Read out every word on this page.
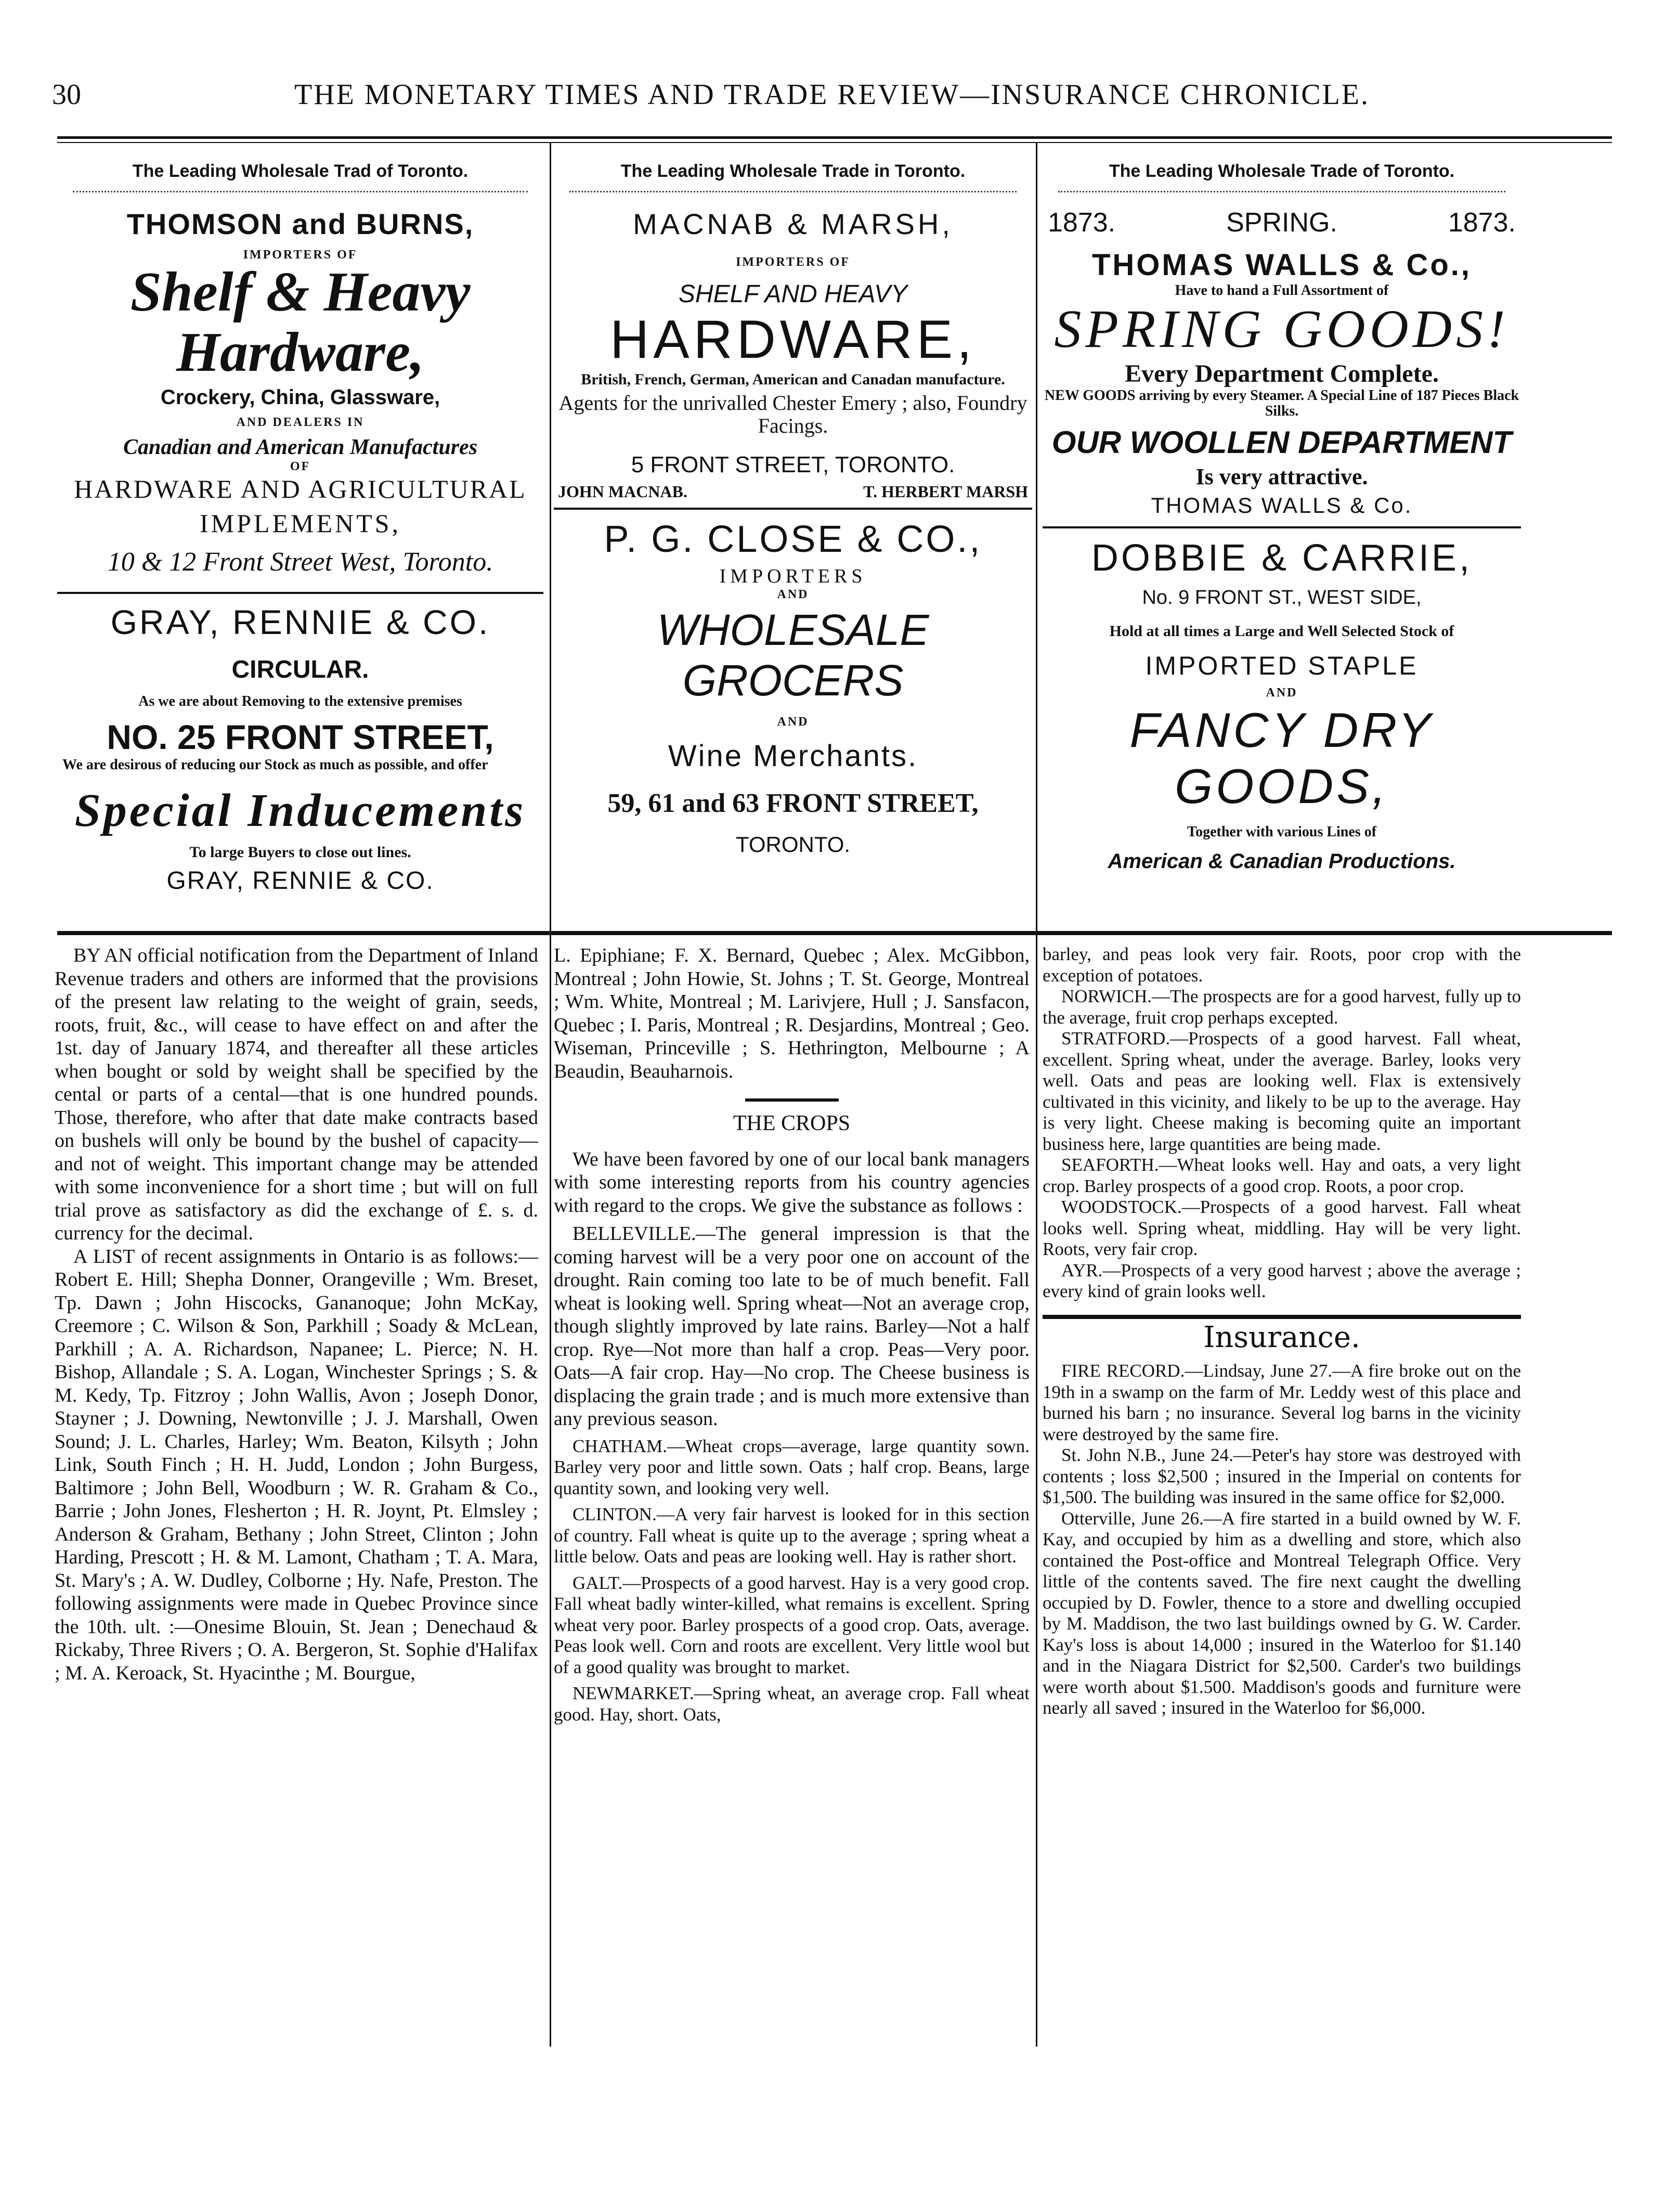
30	THE MONETARY TIMES AND TRADE REVIEW—INSURANCE CHRONICLE.
The Leading Wholesale Trad of Toronto.
THOMSON and BURNS,
IMPORTERS OF
Shelf & Heavy Hardware,
Crockery, China, Glassware,
AND DEALERS IN
Canadian and American Manufactures
OF
HARDWARE AND AGRICULTURAL
IMPLEMENTS,
10 & 12 Front Street West, Toronto.
GRAY, RENNIE & CO.
CIRCULAR.
As we are about Removing to the extensive premises
NO. 25 FRONT STREET,
We are desirous of reducing our Stock as much as possible, and offer
Special Inducements
To large Buyers to close out lines.
GRAY, RENNIE & CO.
The Leading Wholesale Trade in Toronto.
MACNAB & MARSH,
IMPORTERS OF
SHELF AND HEAVY
HARDWARE,
British, French, German, American and Canadan manufacture.
Agents for the unrivalled Chester Emery ; also, Foundry Facings.
5 FRONT STREET, TORONTO.
JOHN MACNAB.	T. HERBERT MARSH
P. G. CLOSE & CO.,
IMPORTERS
AND
WHOLESALE GROCERS
AND
Wine Merchants.
59, 61 and 63 FRONT STREET,
TORONTO.
The Leading Wholesale Trade of Toronto.
1873.	SPRING.	1873.
THOMAS WALLS & Co.,
Have to hand a Full Assortment of
SPRING GOODS!
Every Department Complete.
NEW GOODS arriving by every Steamer. A Special Line of 187 Pieces Black Silks.
OUR WOOLLEN DEPARTMENT
Is very attractive.
THOMAS WALLS & Co.
DOBBIE & CARRIE,
No. 9 FRONT ST., WEST SIDE,
Hold at all times a Large and Well Selected Stock of
IMPORTED STAPLE
AND
FANCY DRY GOODS,
Together with various Lines of
American & Canadian Productions.

BY AN official notification from the Department of Inland Revenue traders and others are informed that the provisions of the present law relating to the weight of grain, seeds, roots, fruit, &c., will cease to have effect on and after the 1st. day of January 1874, and thereafter all these articles when bought or sold by weight shall be specified by the cental or parts of a cental—that is one hundred pounds. Those, therefore, who after that date make contracts based on bushels will only be bound by the bushel of capacity—and not of weight. This important change may be attended with some inconvenience for a short time ; but will on full trial prove as satisfactory as did the exchange of £. s. d. currency for the decimal.

A LIST of recent assignments in Ontario is as follows:—Robert E. Hill; Shepha Donner, Orangeville ; Wm. Breset, Tp. Dawn ; John Hiscocks, Gananoque; John McKay, Creemore ; C. Wilson & Son, Parkhill ; Soady & McLean, Parkhill ; A. A. Richardson, Napanee; L. Pierce; N. H. Bishop, Allandale ; S. A. Logan, Winchester Springs ; S. & M. Kedy, Tp. Fitzroy ; John Wallis, Avon ; Joseph Donor, Stayner ; J. Downing, Newtonville ; J. J. Marshall, Owen Sound; J. L. Charles, Harley; Wm. Beaton, Kilsyth ; John Link, South Finch ; H. H. Judd, London ; John Burgess, Baltimore ; John Bell, Woodburn ; W. R. Graham & Co., Barrie ; John Jones, Flesherton ; H. R. Joynt, Pt. Elmsley ; Anderson & Graham, Bethany ; John Street, Clinton ; John Harding, Prescott ; H. & M. Lamont, Chatham ; T. A. Mara, St. Mary's ; A. W. Dudley, Colborne ; Hy. Nafe, Preston. The following assignments were made in Quebec Province since the 10th. ult. :—Onesime Blouin, St. Jean ; Denechaud & Rickaby, Three Rivers ; O. A. Bergeron, St. Sophie d'Halifax ; M. A. Keroack, St. Hyacinthe ; M. Bourgue,

L. Epiphiane; F. X. Bernard, Quebec ; Alex. McGibbon, Montreal ; John Howie, St. Johns ; T. St. George, Montreal ; Wm. White, Montreal ; M. Larivjere, Hull ; J. Sansfacon, Quebec ; I. Paris, Montreal ; R. Desjardins, Montreal ; Geo. Wiseman, Princeville ; S. Hethrington, Melbourne ; A Beaudin, Beauharnois.

THE CROPS

We have been favored by one of our local bank managers with some interesting reports from his country agencies with regard to the crops. We give the substance as follows :

BELLEVILLE.—The general impression is that the coming harvest will be a very poor one on account of the drought. Rain coming too late to be of much benefit. Fall wheat is looking well. Spring wheat—Not an average crop, though slightly improved by late rains. Barley—Not a half crop. Rye—Not more than half a crop. Peas—Very poor. Oats—A fair crop. Hay—No crop. The Cheese business is displacing the grain trade ; and is much more extensive than any previous season.

CHATHAM.—Wheat crops—average, large quantity sown. Barley very poor and little sown. Oats ; half crop. Beans, large quantity sown, and looking very well.

CLINTON.—A very fair harvest is looked for in this section of country. Fall wheat is quite up to the average ; spring wheat a little below. Oats and peas are looking well. Hay is rather short.

GALT.—Prospects of a good harvest. Hay is a very good crop. Fall wheat badly winter-killed, what remains is excellent. Spring wheat very poor. Barley prospects of a good crop. Oats, average. Peas look well. Corn and roots are excellent. Very little wool but of a good quality was brought to market.

NEWMARKET.—Spring wheat, an average crop. Fall wheat good. Hay, short. Oats,

barley, and peas look very fair. Roots, poor crop with the exception of potatoes.

NORWICH.—The prospects are for a good harvest, fully up to the average, fruit crop perhaps excepted.

STRATFORD.—Prospects of a good harvest. Fall wheat, excellent. Spring wheat, under the average. Barley, looks very well. Oats and peas are looking well. Flax is extensively cultivated in this vicinity, and likely to be up to the average. Hay is very light. Cheese making is becoming quite an important business here, large quantities are being made.

SEAFORTH.—Wheat looks well. Hay and oats, a very light crop. Barley prospects of a good crop. Roots, a poor crop.

WOODSTOCK.—Prospects of a good harvest. Fall wheat looks well. Spring wheat, middling. Hay will be very light. Roots, very fair crop.

AYR.—Prospects of a very good harvest ; above the average ; every kind of grain looks well.

Insurance.

FIRE RECORD.—Lindsay, June 27.—A fire broke out on the 19th in a swamp on the farm of Mr. Leddy west of this place and burned his barn ; no insurance. Several log barns in the vicinity were destroyed by the same fire.

St. John N.B., June 24.—Peter's hay store was destroyed with contents ; loss $2,500 ; insured in the Imperial on contents for $1,500. The building was insured in the same office for $2,000.

Otterville, June 26.—A fire started in a build owned by W. F. Kay, and occupied by him as a dwelling and store, which also contained the Post-office and Montreal Telegraph Office. Very little of the contents saved. The fire next caught the dwelling occupied by D. Fowler, thence to a store and dwelling occupied by M. Maddison, the two last buildings owned by G. W. Carder. Kay's loss is about 14,000 ; insured in the Waterloo for $1.140 and in the Niagara District for $2,500. Carder's two buildings were worth about $1.500. Maddison's goods and furniture were nearly all saved ; insured in the Waterloo for $6,000.
